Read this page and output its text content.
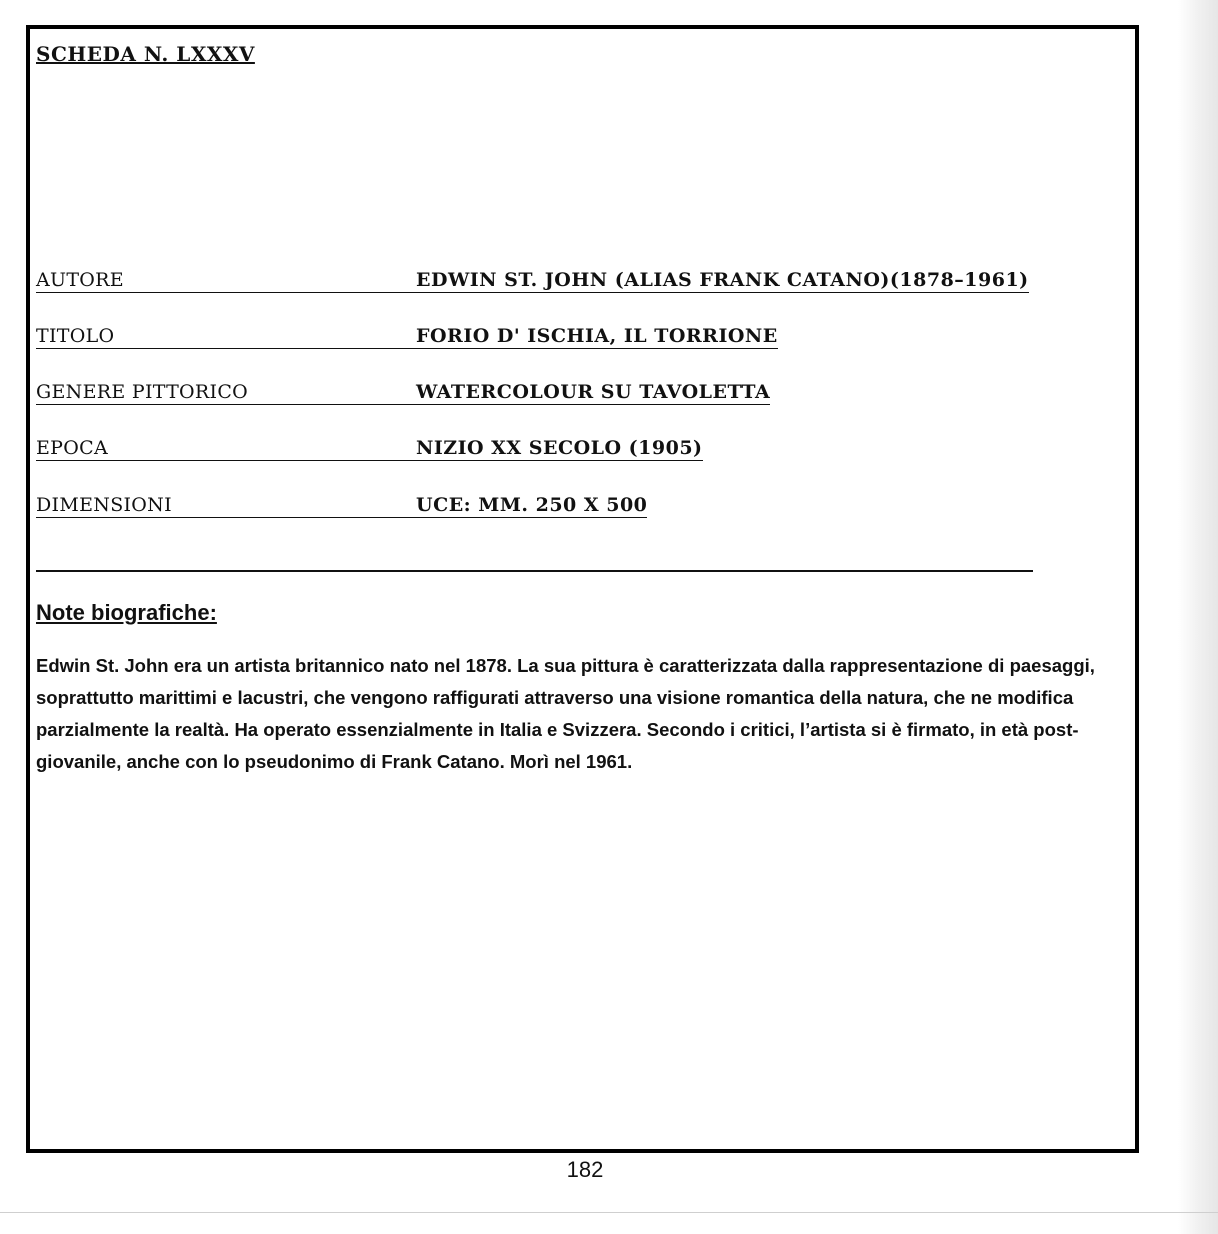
SCHEDA N. LXXXV
AUTORE	EDWIN ST. JOHN (ALIAS FRANK CATANO)(1878–1961)
TITOLO	FORIO D' ISCHIA, IL TORRIONE
GENERE PITTORICO	WATERCOLOUR SU TAVOLETTA
EPOCA	NIZIO XX SECOLO (1905)
DIMENSIONI	UCE: MM. 250 X 500
Note biografiche:
Edwin St. John era un artista britannico nato nel 1878. La sua pittura è caratterizzata dalla rappresentazione di paesaggi, soprattutto marittimi e lacustri, che vengono raffigurati attraverso una visione romantica della natura, che ne modifica parzialmente la realtà. Ha operato essenzialmente in Italia e Svizzera. Secondo i critici, l’artista si è firmato, in età post-giovanile, anche con lo pseudonimo di Frank Catano. Morì nel 1961.
182
